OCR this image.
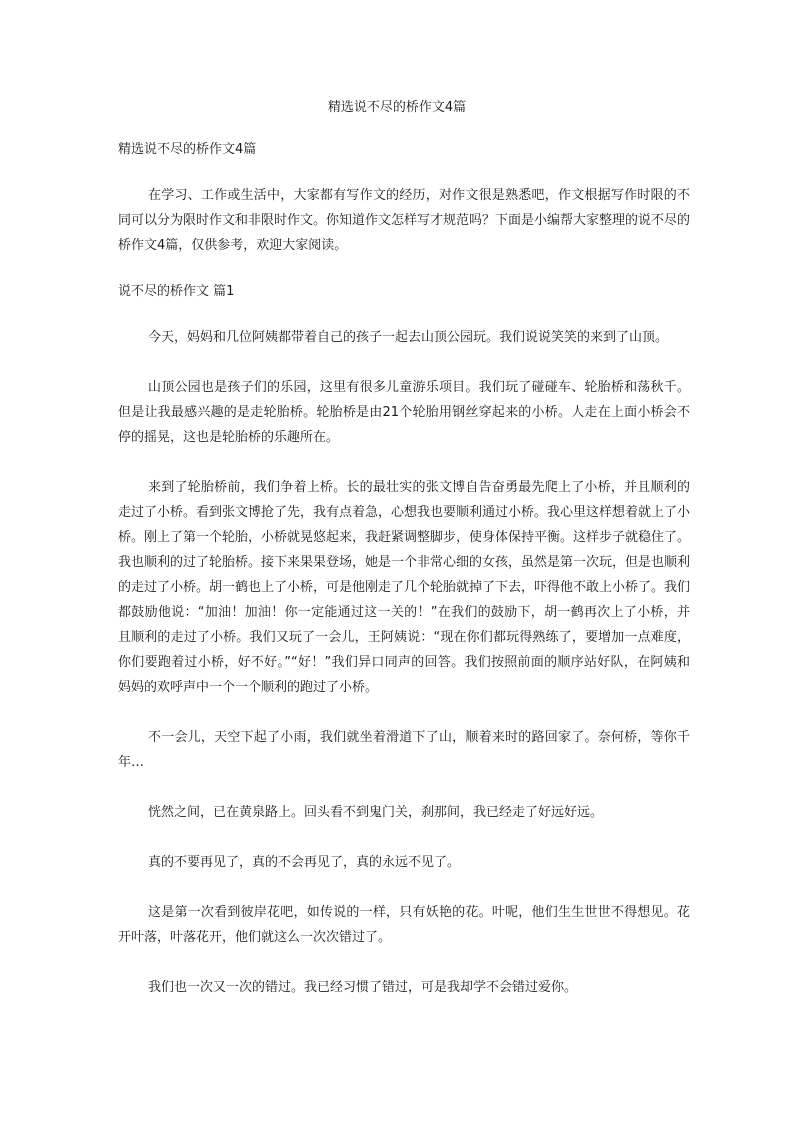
精选说不尽的桥作文4篇

精选说不尽的桥作文4篇

在学习、工作或生活中，大家都有写作文的经历，对作文很是熟悉吧，作文根据写作时限的不同可以分为限时作文和非限时作文。你知道作文怎样写才规范吗？下面是小编帮大家整理的说不尽的桥作文4篇，仅供参考，欢迎大家阅读。

说不尽的桥作文 篇1

今天，妈妈和几位阿姨都带着自己的孩子一起去山顶公园玩。我们说说笑笑的来到了山顶。

山顶公园也是孩子们的乐园，这里有很多儿童游乐项目。我们玩了碰碰车、轮胎桥和荡秋千。但是让我最感兴趣的是走轮胎桥。轮胎桥是由21个轮胎用钢丝穿起来的小桥。人走在上面小桥会不停的摇晃，这也是轮胎桥的乐趣所在。

来到了轮胎桥前，我们争着上桥。长的最壮实的张文博自告奋勇最先爬上了小桥，并且顺利的走过了小桥。看到张文博抢了先，我有点着急，心想我也要顺利通过小桥。我心里这样想着就上了小桥。刚上了第一个轮胎，小桥就晃悠起来，我赶紧调整脚步，使身体保持平衡。这样步子就稳住了。我也顺利的过了轮胎桥。接下来果果登场，她是一个非常心细的女孩，虽然是第一次玩，但是也顺利的走过了小桥。胡一鹤也上了小桥，可是他刚走了几个轮胎就掉了下去，吓得他不敢上小桥了。我们都鼓励他说：“加油！加油！你一定能通过这一关的！”在我们的鼓励下，胡一鹤再次上了小桥，并且顺利的走过了小桥。我们又玩了一会儿，王阿姨说：“现在你们都玩得熟练了，要增加一点难度，你们要跑着过小桥，好不好。”“好！”我们异口同声的回答。我们按照前面的顺序站好队，在阿姨和妈妈的欢呼声中一个一个顺利的跑过了小桥。

不一会儿，天空下起了小雨，我们就坐着滑道下了山，顺着来时的路回家了。奈何桥，等你千年…

恍然之间，已在黄泉路上。回头看不到鬼门关，刹那间，我已经走了好远好远。

真的不要再见了，真的不会再见了，真的永远不见了。

这是第一次看到彼岸花吧，如传说的一样，只有妖艳的花。叶呢，他们生生世世不得想见。花开叶落，叶落花开，他们就这么一次次错过了。

我们也一次又一次的错过。我已经习惯了错过，可是我却学不会错过爱你。
